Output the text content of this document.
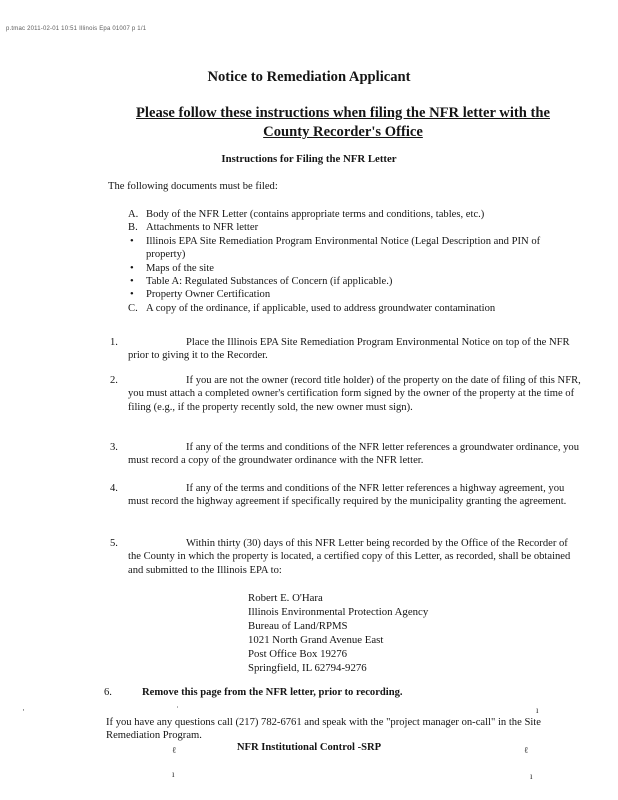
p.tmac 2011-02-01 10:51 Illinois Epa 01007 p 1/1
Notice to Remediation Applicant
Please follow these instructions when filing the NFR letter with the County Recorder's Office
Instructions for Filing the NFR Letter
The following documents must be filed:
A. Body of the NFR Letter (contains appropriate terms and conditions, tables, etc.)
B. Attachments to NFR letter
• Illinois EPA Site Remediation Program Environmental Notice (Legal Description and PIN of property)
• Maps of the site
• Table A: Regulated Substances of Concern (if applicable.)
• Property Owner Certification
C. A copy of the ordinance, if applicable, used to address groundwater contamination
1.	Place the Illinois EPA Site Remediation Program Environmental Notice on top of the NFR prior to giving it to the Recorder.
2.	If you are not the owner (record title holder) of the property on the date of filing of this NFR, you must attach a completed owner's certification form signed by the owner of the property at the time of filing (e.g., if the property recently sold, the new owner must sign).
3.	If any of the terms and conditions of the NFR letter references a groundwater ordinance, you must record a copy of the groundwater ordinance with the NFR letter.
4.	If any of the terms and conditions of the NFR letter references a highway agreement, you must record the highway agreement if specifically required by the municipality granting the agreement.
5.	Within thirty (30) days of this NFR Letter being recorded by the Office of the Recorder of the County in which the property is located, a certified copy of this Letter, as recorded, shall be obtained and submitted to the Illinois EPA to:
Robert E. O'Hara
Illinois Environmental Protection Agency
Bureau of Land/RPMS
1021 North Grand Avenue East
Post Office Box 19276
Springfield, IL 62794-9276
6.	Remove this page from the NFR letter, prior to recording.
If you have any questions call (217) 782-6761 and speak with the "project manager on-call" in the Site Remediation Program.
NFR Institutional Control -SRP
˙	ı
ℓ	ℓ
ı	ı
·
